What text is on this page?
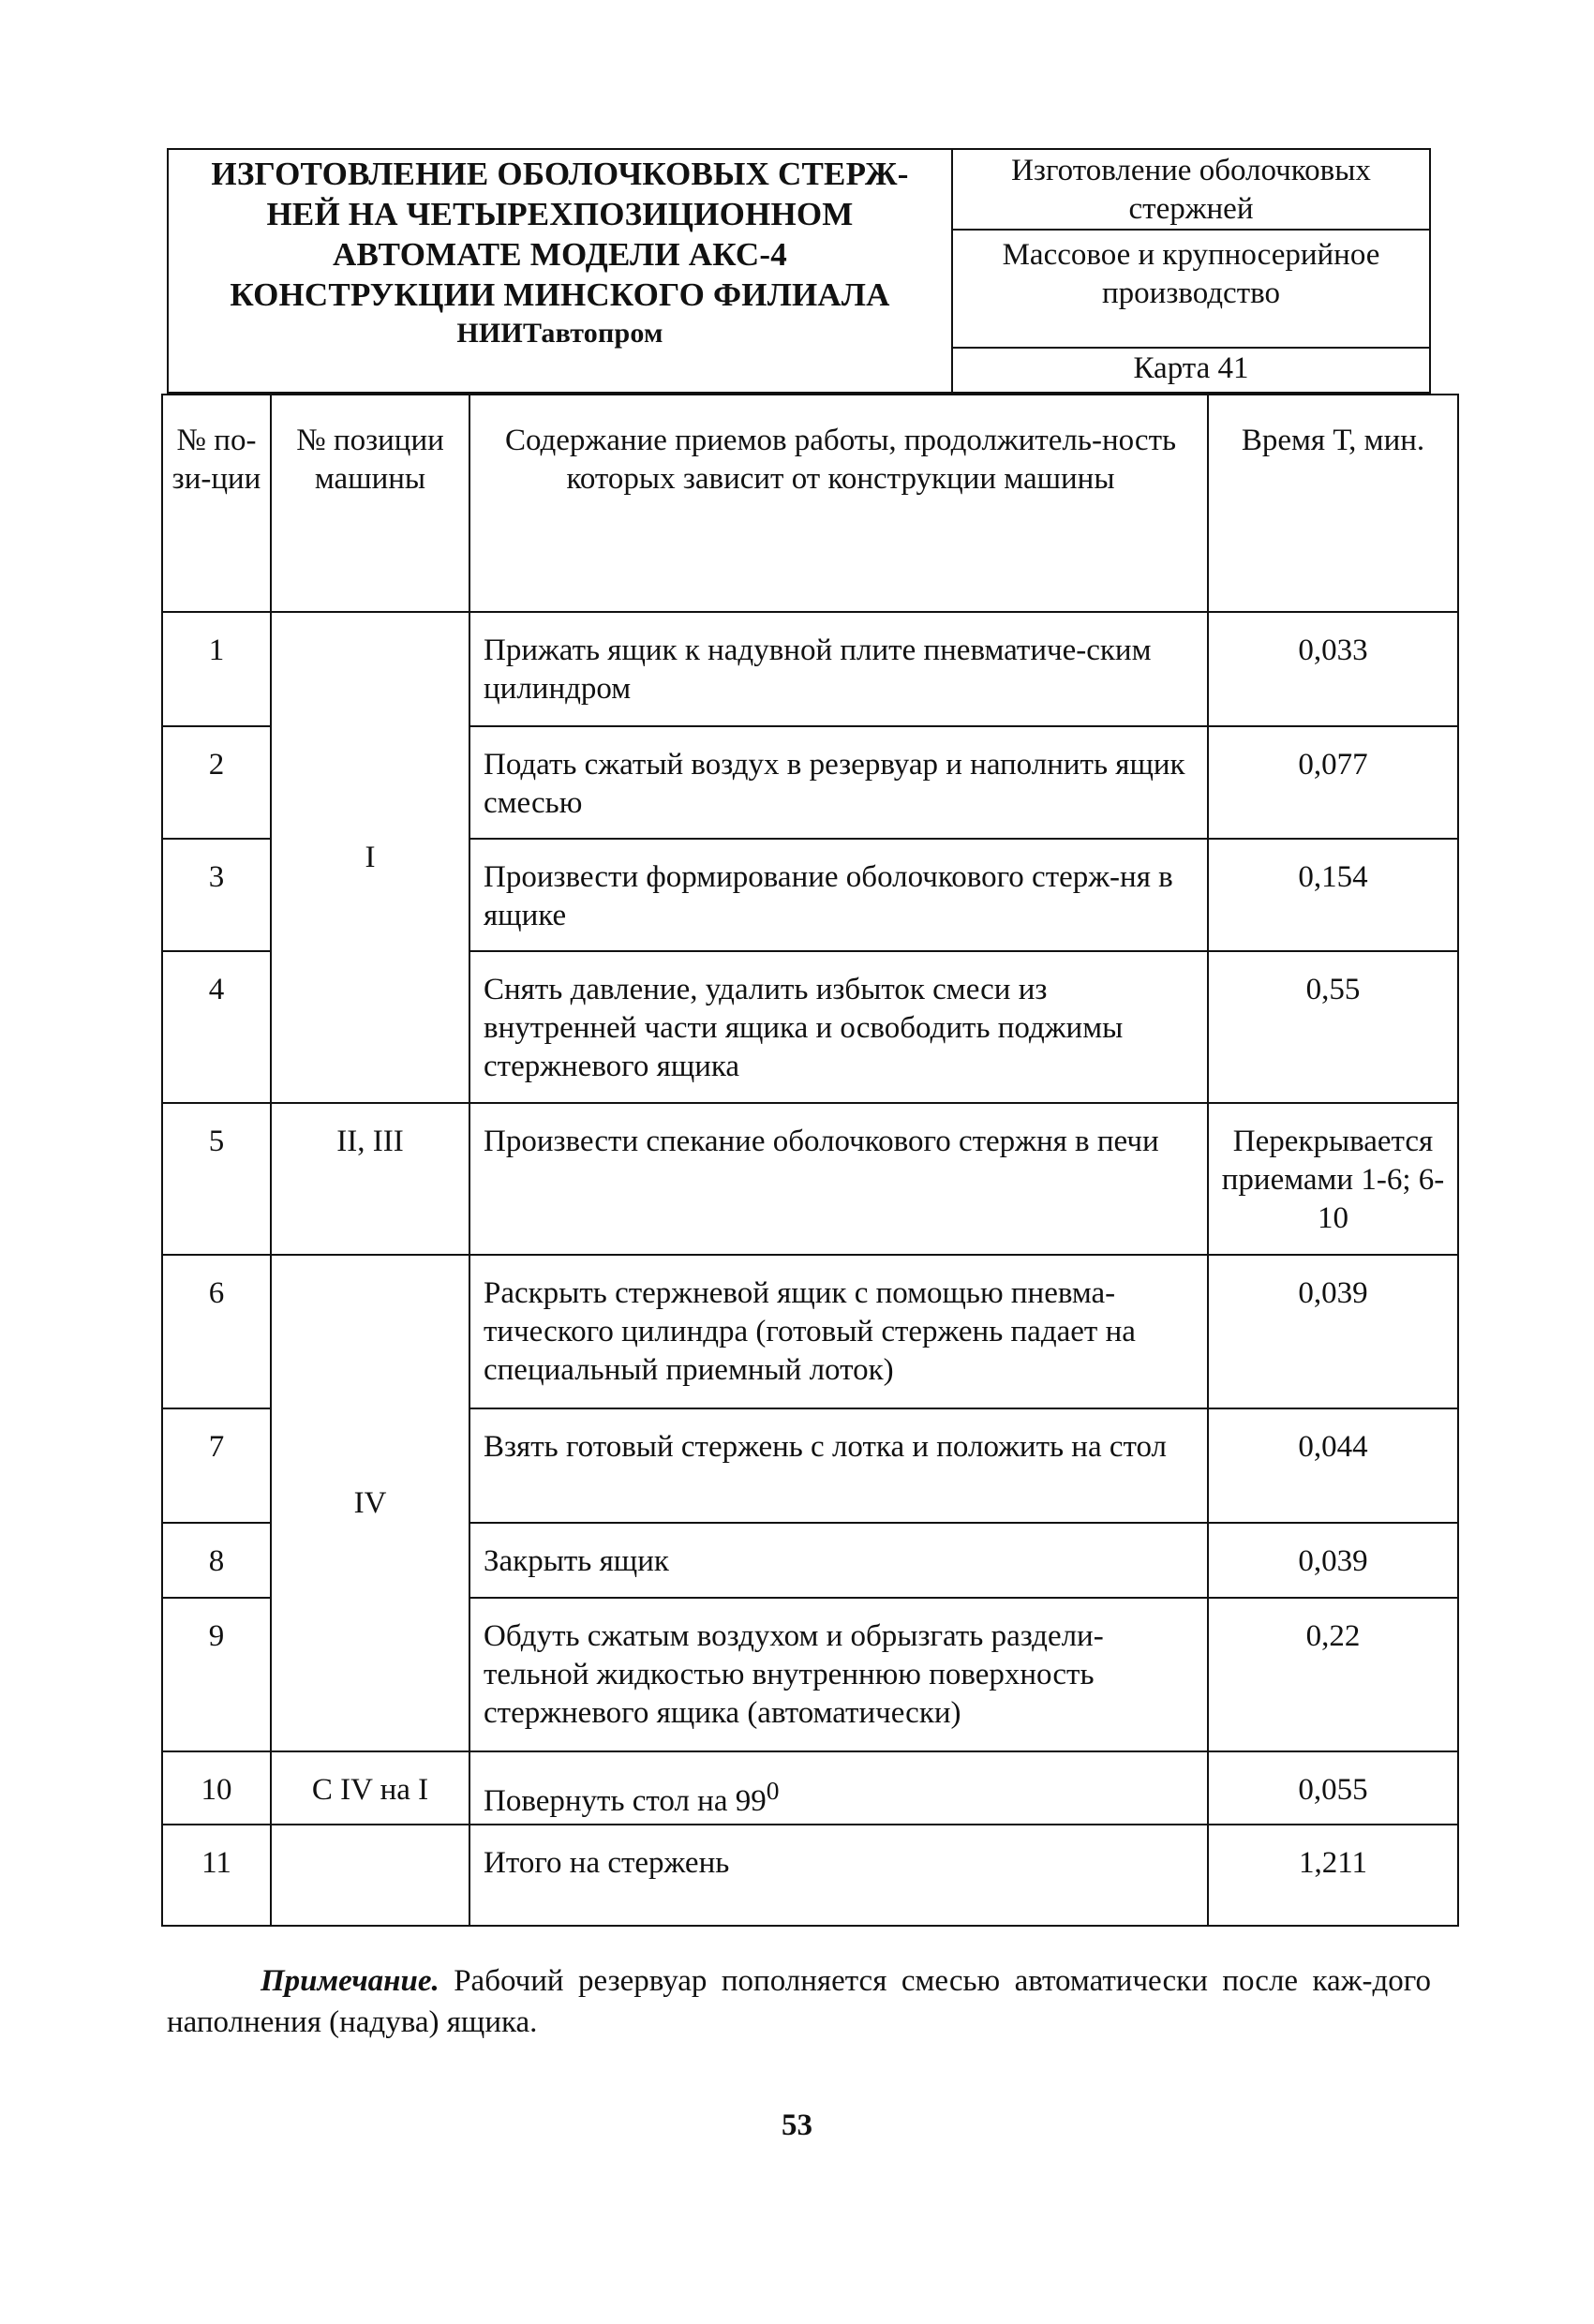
ИЗГОТОВЛЕНИЕ ОБОЛОЧКОВЫХ СТЕРЖ-
НЕЙ НА ЧЕТЫРЕХПОЗИЦИОННОМ
АВТОМАТЕ МОДЕЛИ АКС-4
КОНСТРУКЦИИ МИНСКОГО ФИЛИАЛА
НИИТавтопром
Изготовление оболочковых стержней
Массовое и крупносерийное производство
Карта 41
№ по-зи-ции	№ позиции машины	Содержание приемов работы, продолжитель-ность которых зависит от конструкции машины	Время Т, мин.
1	I	Прижать ящик к надувной плите пневматиче-ским цилиндром	0,033
2		Подать сжатый воздух в резервуар и наполнить ящик смесью	0,077
3		Произвести формирование оболочкового стерж-ня в ящике	0,154
4		Снять давление, удалить избыток смеси из внутренней части ящика и освободить поджимы стержневого ящика	0,55
5	II, III	Произвести спекание оболочкового стержня в печи	Перекрывается приемами 1-6; 6-10
6	IV	Раскрыть стержневой ящик с помощью пневма-тического цилиндра (готовый стержень падает на специальный приемный лоток)	0,039
7		Взять готовый стержень с лотка и положить на стол	0,044
8		Закрыть ящик	0,039
9		Обдуть сжатым воздухом и обрызгать раздели-тельной жидкостью внутреннюю поверхность стержневого ящика (автоматически)	0,22
10	С IV на I	Повернуть стол на $99^0$	0,055
11		Итого на стержень	1,211
Примечание. Рабочий резервуар пополняется смесью автоматически после каж-дого наполнения (надува) ящика.
53
